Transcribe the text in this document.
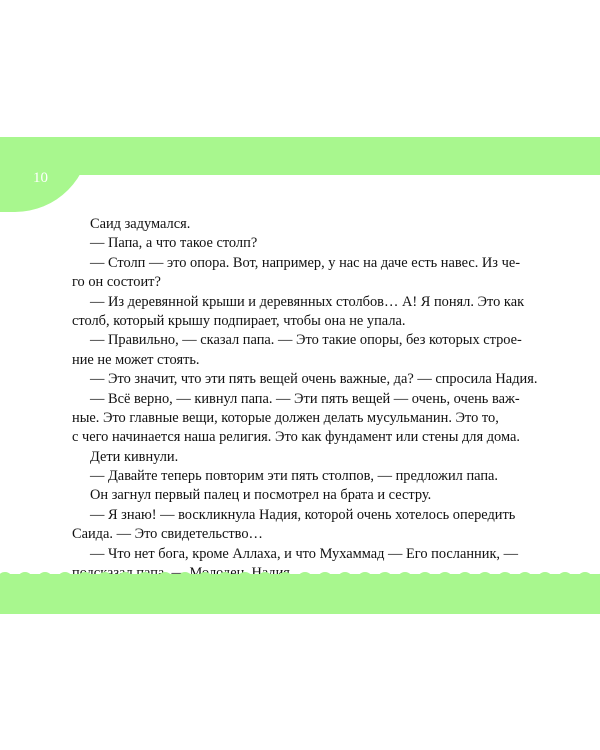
10
Саид задумался.
— Папа, а что такое столп?
— Столп — это опора. Вот, например, у нас на даче есть навес. Из че-
го он состоит?
— Из деревянной крыши и деревянных столбов… А! Я понял. Это как
столб, который крышу подпирает, чтобы она не упала.
— Правильно, — сказал папа. — Это такие опоры, без которых строе-
ние не может стоять.
— Это значит, что эти пять вещей очень важные, да? — спросила Надия.
— Всё верно, — кивнул папа. — Эти пять вещей — очень, очень важ-
ные. Это главные вещи, которые должен делать мусульманин. Это то,
с чего начинается наша религия. Это как фундамент или стены для дома.
Дети кивнули.
— Давайте теперь повторим эти пять столпов, — предложил папа.
Он загнул первый палец и посмотрел на брата и сестру.
— Я знаю! — воскликнула Надия, которой очень хотелось опередить
Саида. — Это свидетельство…
— Что нет бога, кроме Аллаха, и что Мухаммад — Его посланник, —
